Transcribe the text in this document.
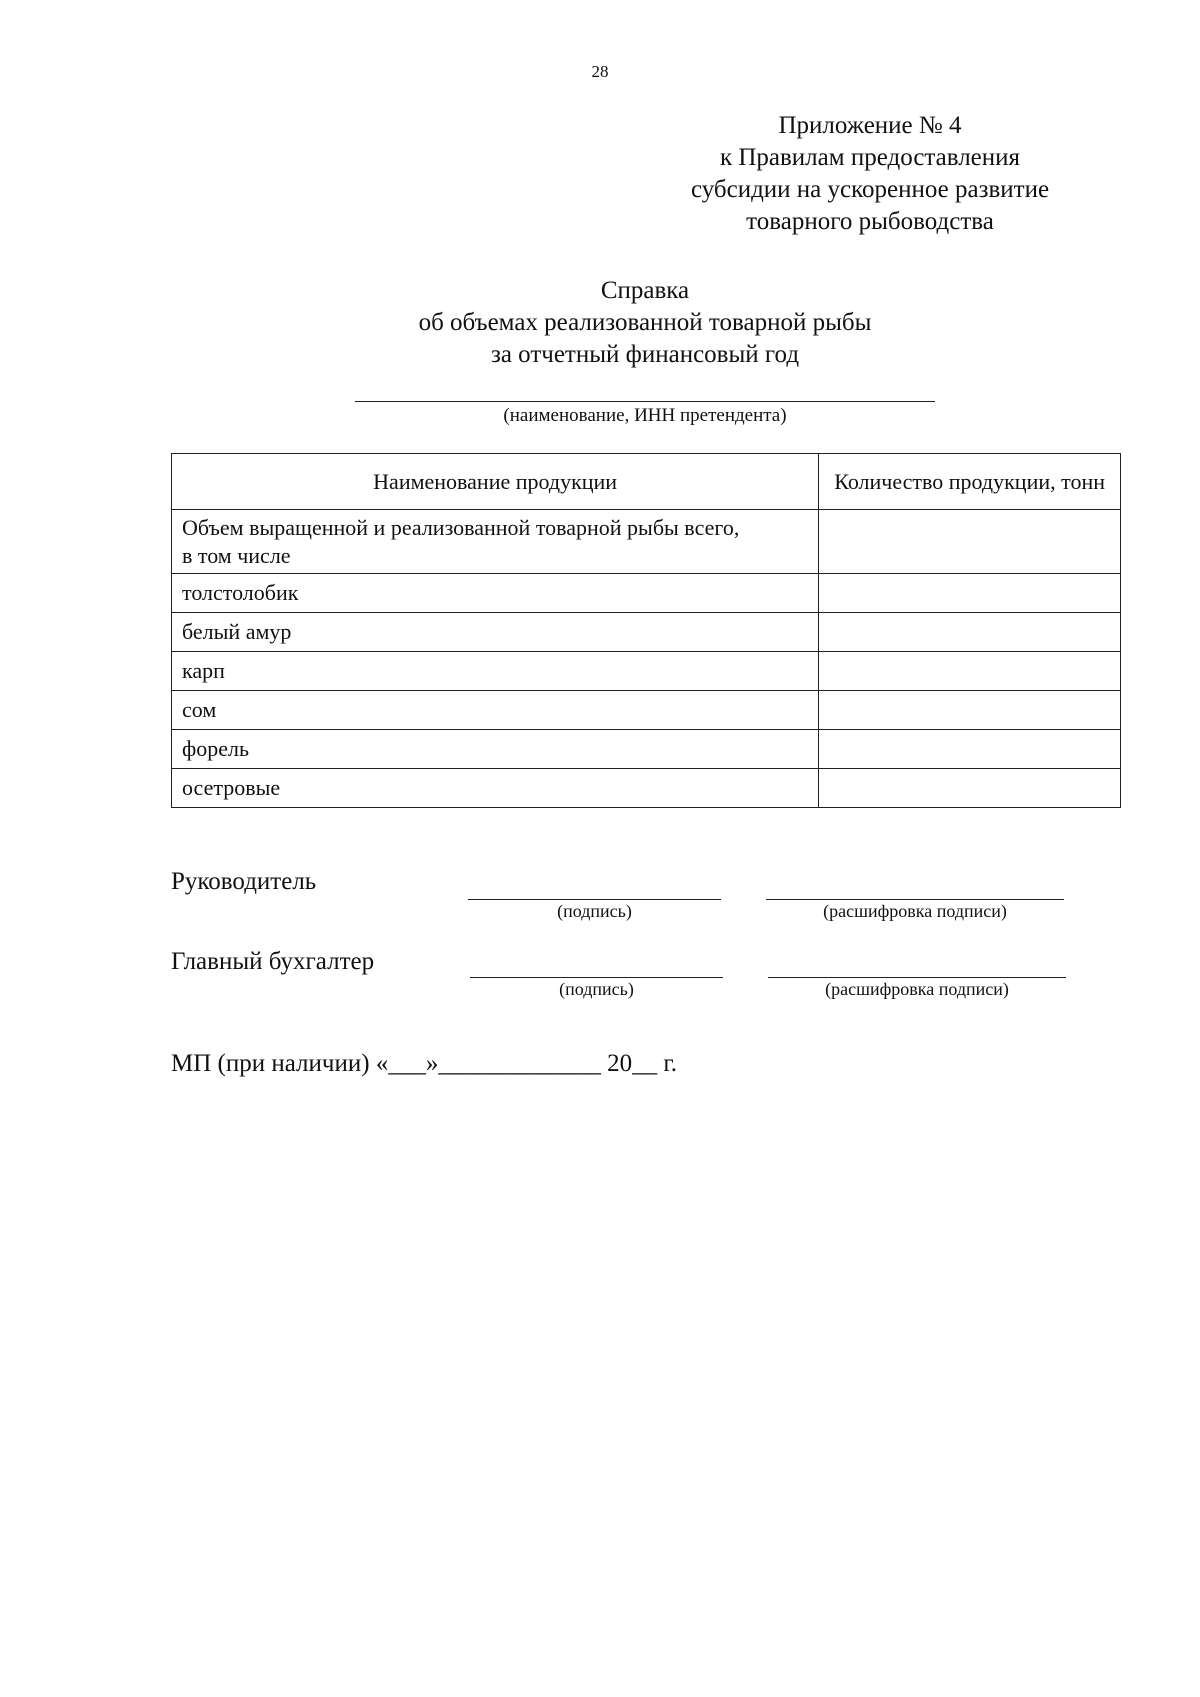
28
Приложение № 4
к Правилам предоставления
субсидии на ускоренное развитие
товарного рыбоводства
Справка
об объемах реализованной товарной рыбы
за отчетный финансовый год
(наименование, ИНН претендента)
Наименование продукции	Количество продукции, тонн

Объем выращенной и реализованной товарной рыбы всего,
в том числе	

толстолобик	
белый амур	
карп	
сом	
форель	
осетровые	
Руководитель
(подпись)	(расшифровка подписи)
Главный бухгалтер
(подпись)	(расшифровка подписи)
МП (при наличии) «___»_____________ 20__ г.
